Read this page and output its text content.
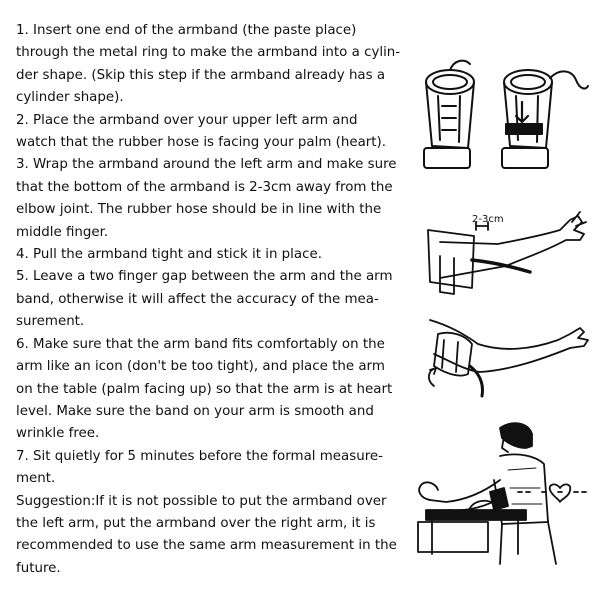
1. Insert one end of the armband (the paste place)
through the metal ring to make the armband into a cylin-
der shape. (Skip this step if the armband already has a
cylinder shape).
2. Place the armband over your upper left arm and
watch that the rubber hose is facing your palm (heart).
3. Wrap the armband around the left arm and make sure
that the bottom of the armband is 2-3cm away from the
elbow joint. The rubber hose should be in line with the
middle finger.
4. Pull the armband tight and stick it in place.
5. Leave a two finger gap between the arm and the arm
band, otherwise it will affect the accuracy of the mea-
surement.
6. Make sure that the arm band fits comfortably on the
arm like an icon (don't be too tight), and place the arm
on the table (palm facing up) so that the arm is at heart
level. Make sure the band on your arm is smooth and
wrinkle free.
7. Sit quietly for 5 minutes before the formal measure-
ment.
Suggestion:If it is not possible to put the armband over
the left arm, put the armband over the right arm, it is
recommended to use the same arm measurement in the
future.
2-3cm
